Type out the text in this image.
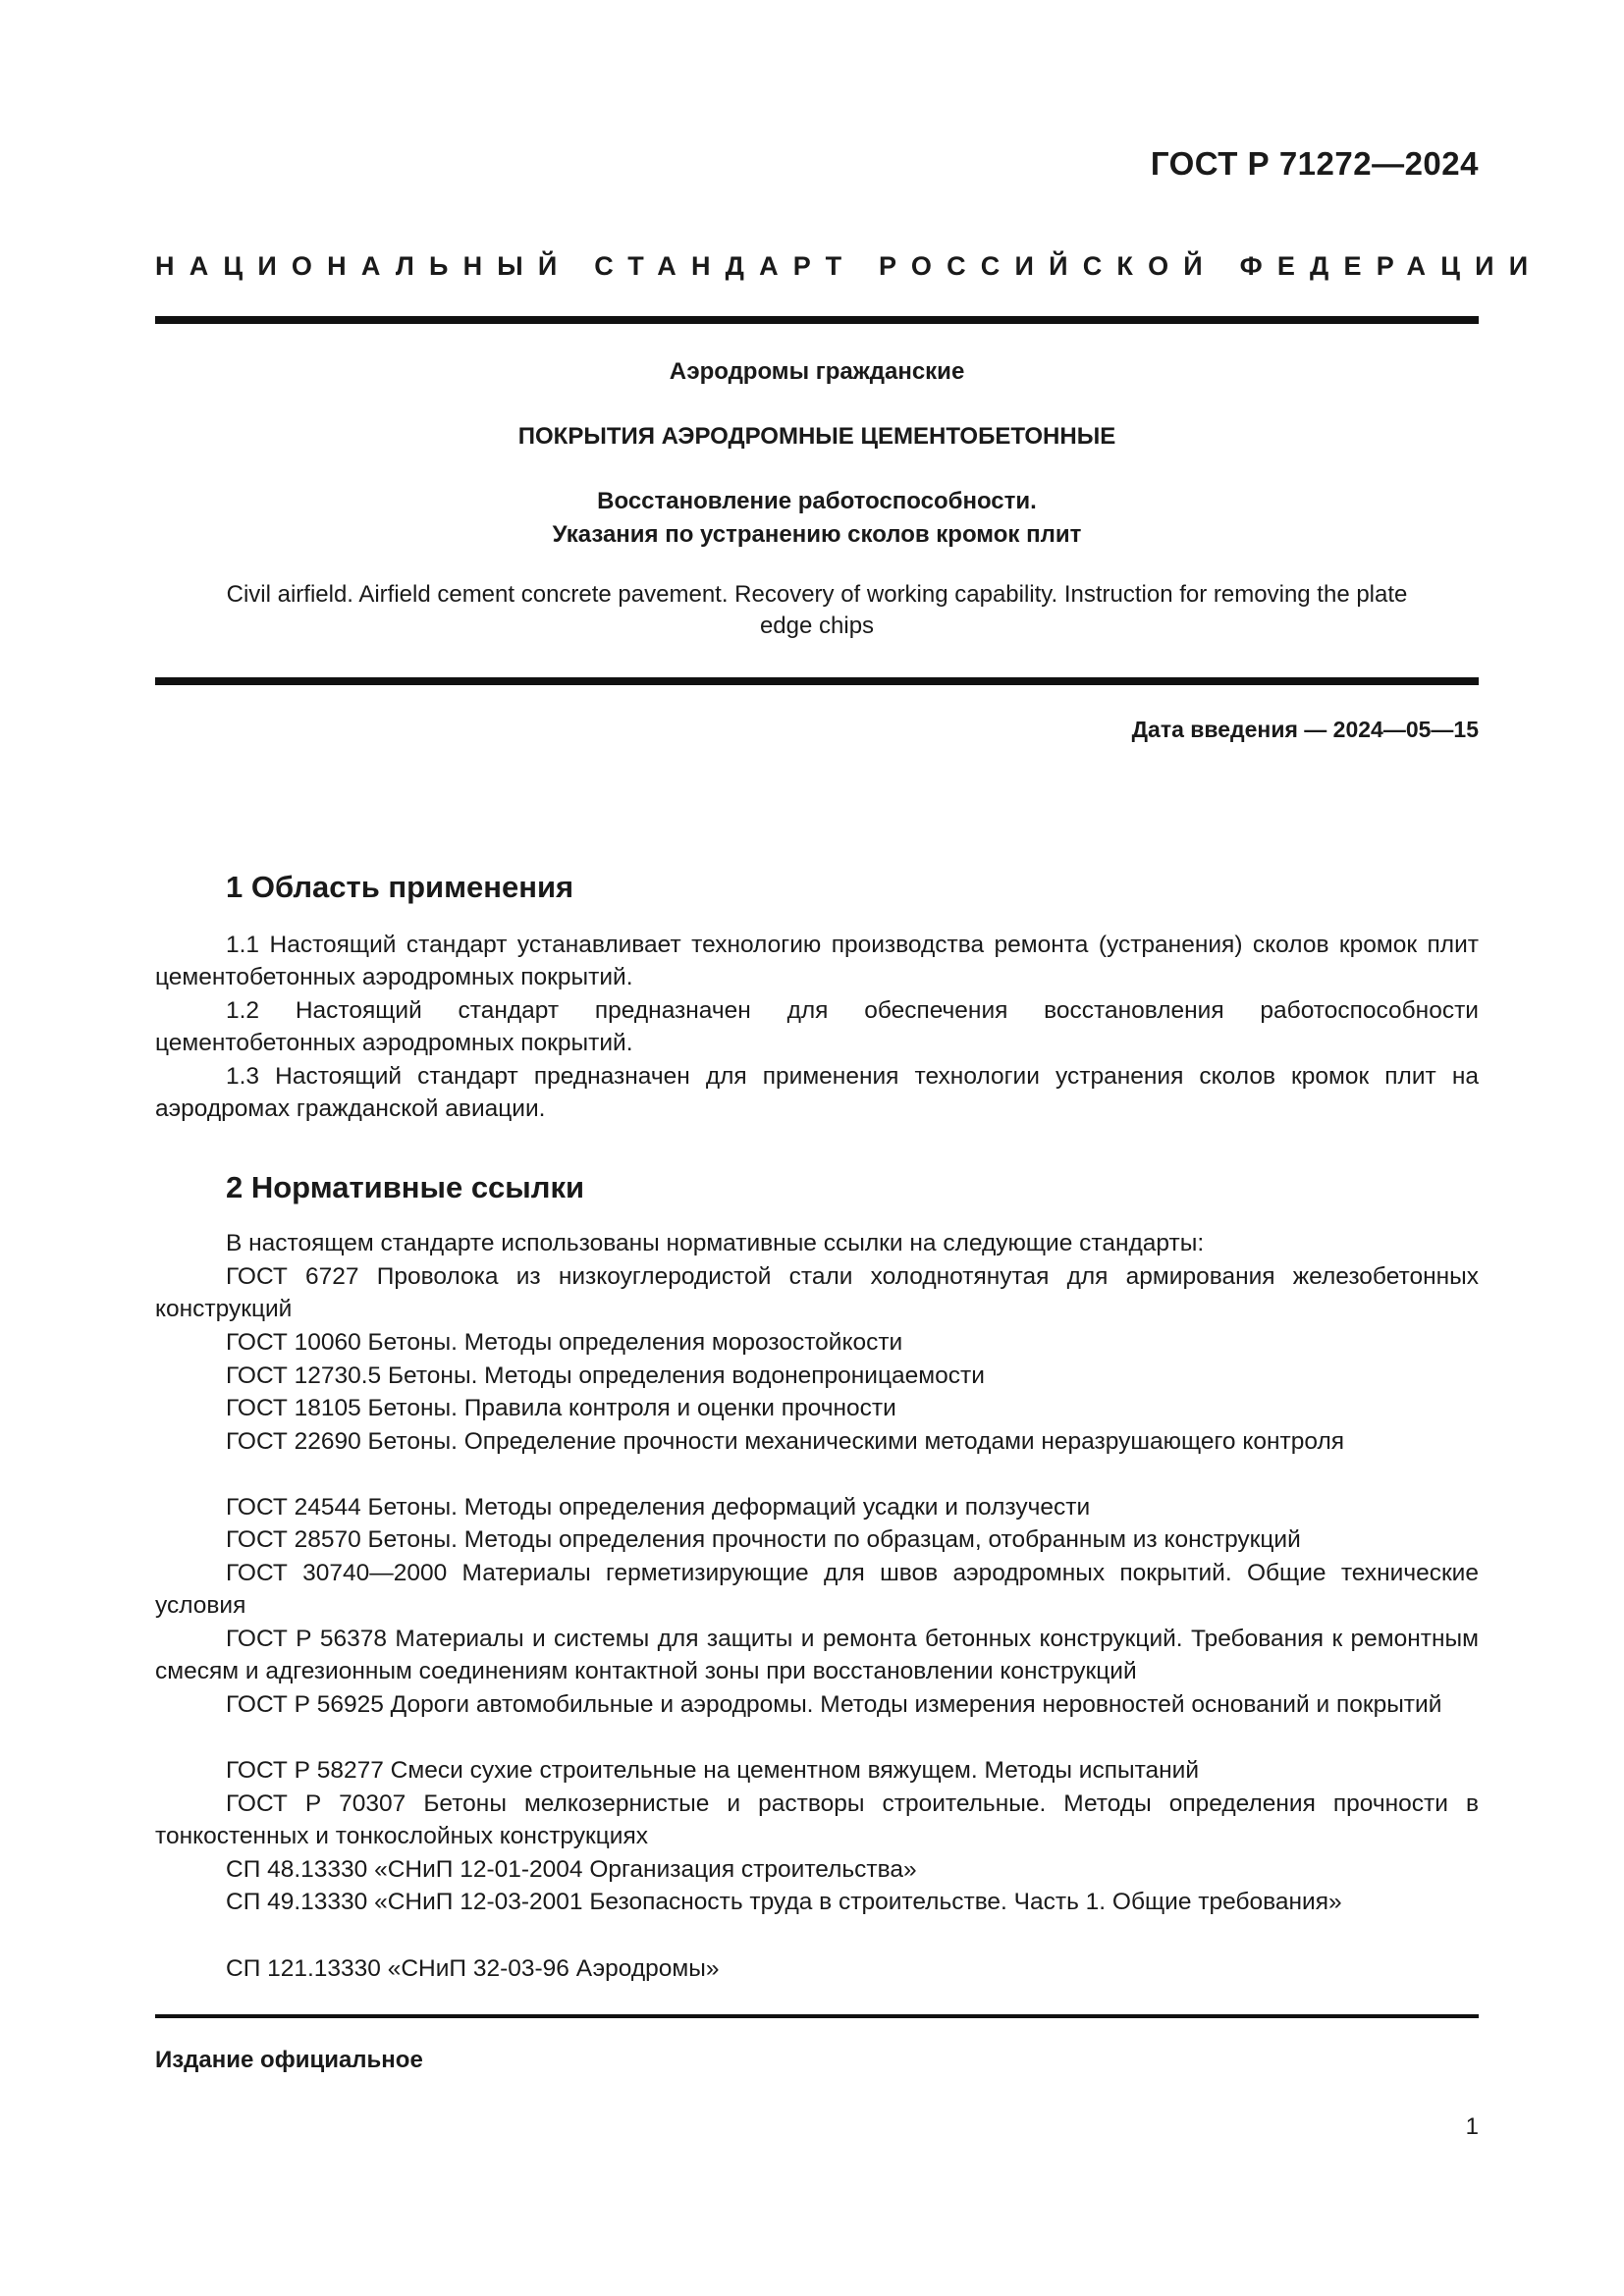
ГОСТ Р 71272—2024
НАЦИОНАЛЬНЫЙ СТАНДАРТ РОССИЙСКОЙ ФЕДЕРАЦИИ
Аэродромы гражданские
ПОКРЫТИЯ АЭРОДРОМНЫЕ ЦЕМЕНТОБЕТОННЫЕ
Восстановление работоспособности.
Указания по устранению сколов кромок плит
Civil airfield. Airfield cement concrete pavement. Recovery of working capability. Instruction for removing the plate
edge chips
Дата введения — 2024—05—15
1 Область применения
1.1 Настоящий стандарт устанавливает технологию производства ремонта (устранения) сколов кромок плит цементобетонных аэродромных покрытий.
1.2 Настоящий стандарт предназначен для обеспечения восстановления работоспособности цементобетонных аэродромных покрытий.
1.3 Настоящий стандарт предназначен для применения технологии устранения сколов кромок плит на аэродромах гражданской авиации.
2 Нормативные ссылки
В настоящем стандарте использованы нормативные ссылки на следующие стандарты:
ГОСТ 6727 Проволока из низкоуглеродистой стали холоднотянутая для армирования железобетонных конструкций
ГОСТ 10060 Бетоны. Методы определения морозостойкости
ГОСТ 12730.5 Бетоны. Методы определения водонепроницаемости
ГОСТ 18105 Бетоны. Правила контроля и оценки прочности
ГОСТ 22690 Бетоны. Определение прочности механическими методами неразрушающего контроля
ГОСТ 24544 Бетоны. Методы определения деформаций усадки и ползучести
ГОСТ 28570 Бетоны. Методы определения прочности по образцам, отобранным из конструкций
ГОСТ 30740—2000 Материалы герметизирующие для швов аэродромных покрытий. Общие технические условия
ГОСТ Р 56378 Материалы и системы для защиты и ремонта бетонных конструкций. Требования к ремонтным смесям и адгезионным соединениям контактной зоны при восстановлении конструкций
ГОСТ Р 56925 Дороги автомобильные и аэродромы. Методы измерения неровностей оснований и покрытий
ГОСТ Р 58277 Смеси сухие строительные на цементном вяжущем. Методы испытаний
ГОСТ Р 70307 Бетоны мелкозернистые и растворы строительные. Методы определения прочности в тонкостенных и тонкослойных конструкциях
СП 48.13330 «СНиП 12-01-2004 Организация строительства»
СП 49.13330 «СНиП 12-03-2001 Безопасность труда в строительстве. Часть 1. Общие требования»
СП 121.13330 «СНиП 32-03-96 Аэродромы»
Издание официальное
1
